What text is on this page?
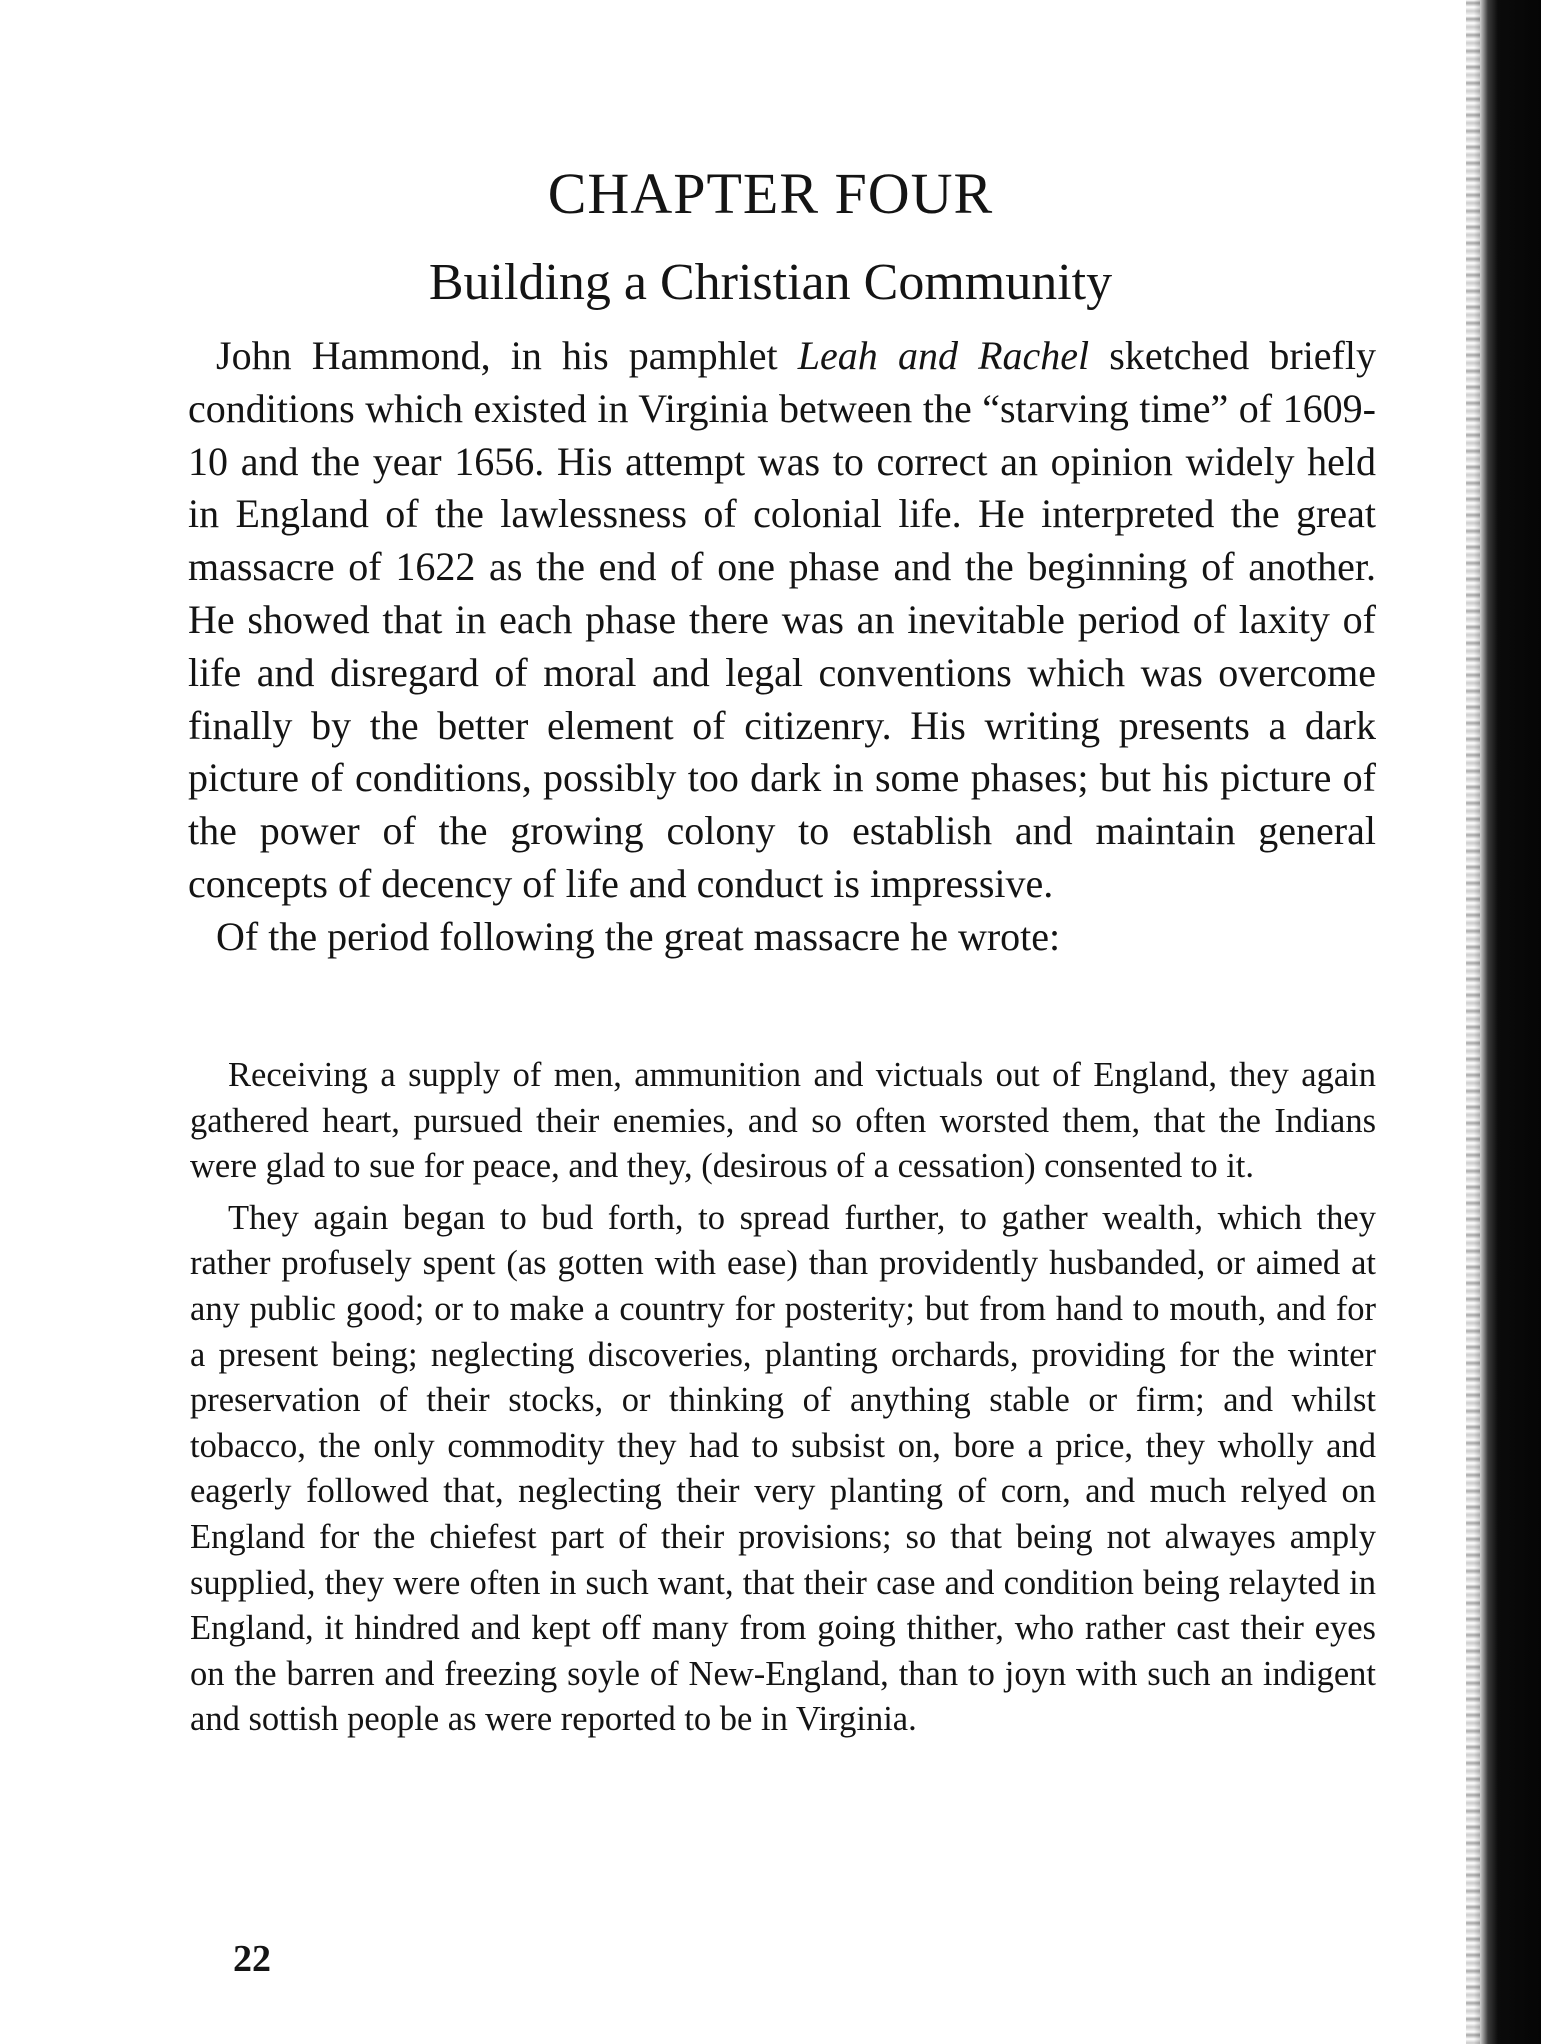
CHAPTER FOUR
Building a Christian Community

John Hammond, in his pamphlet Leah and Rachel sketched briefly conditions which existed in Virginia between the “starving time” of 1609-10 and the year 1656. His attempt was to correct an opinion widely held in England of the lawlessness of colonial life. He interpreted the great massacre of 1622 as the end of one phase and the beginning of another. He showed that in each phase there was an inevitable period of laxity of life and disregard of moral and legal conventions which was overcome finally by the better element of citizenry. His writing presents a dark picture of conditions, possibly too dark in some phases; but his picture of the power of the growing colony to establish and maintain general concepts of decency of life and conduct is impressive.

Of the period following the great massacre he wrote:

Receiving a supply of men, ammunition and victuals out of England, they again gathered heart, pursued their enemies, and so often worsted them, that the Indians were glad to sue for peace, and they, (desirous of a cessation) consented to it.

They again began to bud forth, to spread further, to gather wealth, which they rather profusely spent (as gotten with ease) than providently husbanded, or aimed at any public good; or to make a country for posterity; but from hand to mouth, and for a present being; neglecting discoveries, planting orchards, providing for the winter preservation of their stocks, or thinking of anything stable or firm; and whilst tobacco, the only commodity they had to subsist on, bore a price, they wholly and eagerly followed that, neglecting their very planting of corn, and much relyed on England for the chiefest part of their provisions; so that being not alwayes amply supplied, they were often in such want, that their case and condition being relayted in England, it hindred and kept off many from going thither, who rather cast their eyes on the barren and freezing soyle of New-England, than to joyn with such an indigent and sottish people as were reported to be in Virginia.

22
